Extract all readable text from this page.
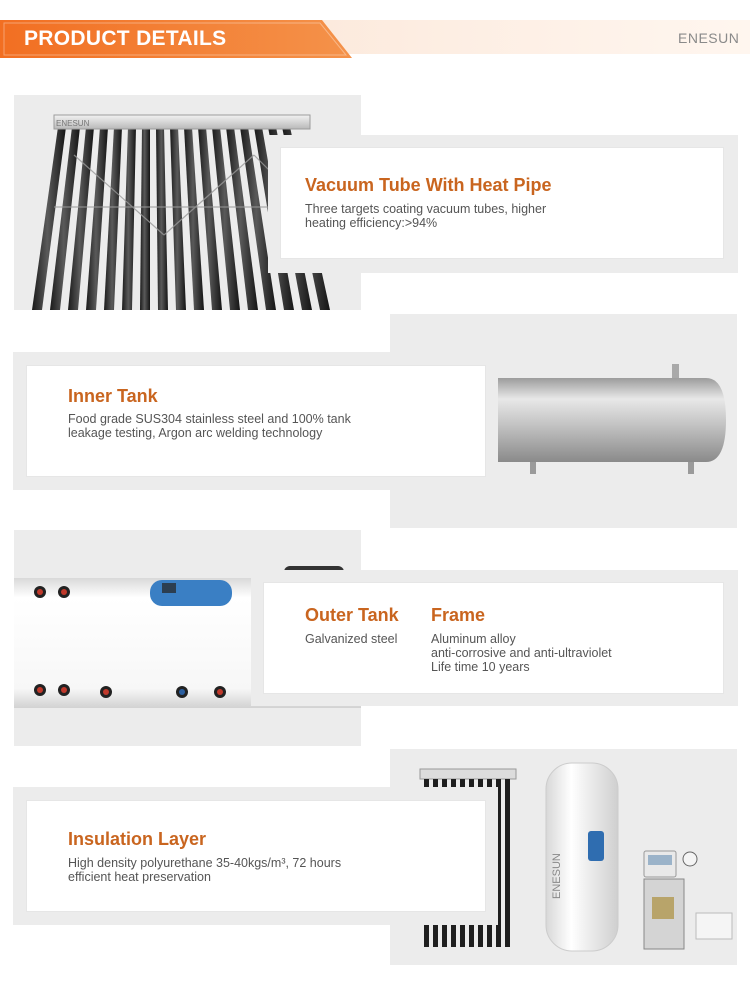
PRODUCT DETAILS	ENESUN
ENESUN
Vacuum Tube With Heat Pipe
Three targets coating vacuum tubes, higher
heating efficiency:>94%
Inner Tank
Food grade SUS304 stainless steel and 100% tank
leakage testing, Argon arc welding technology
Outer Tank
Galvanized steel
Frame
Aluminum alloy
anti-corrosive and anti-ultraviolet
Life time 10 years
ENESUN
Insulation Layer
High density polyurethane 35-40kgs/m³, 72 hours
efficient heat preservation
